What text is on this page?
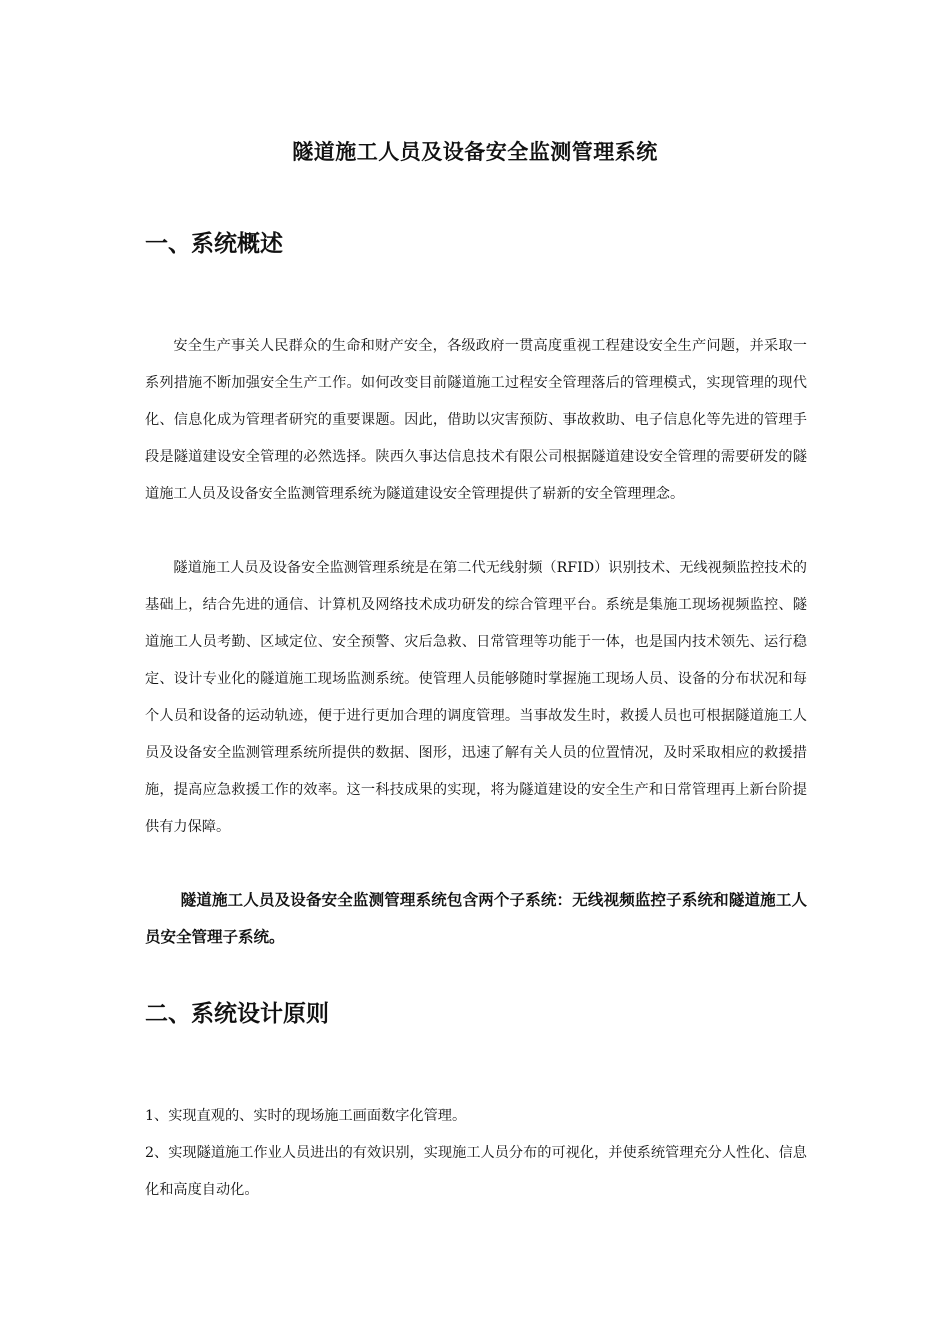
隧道施工人员及设备安全监测管理系统
一、系统概述

安全生产事关人民群众的生命和财产安全，各级政府一贯高度重视工程建设安全生产问题，并采取一系列措施不断加强安全生产工作。如何改变目前隧道施工过程安全管理落后的管理模式，实现管理的现代化、信息化成为管理者研究的重要课题。因此，借助以灾害预防、事故救助、电子信息化等先进的管理手段是隧道建设安全管理的必然选择。陕西久事达信息技术有限公司根据隧道建设安全管理的需要研发的隧道施工人员及设备安全监测管理系统为隧道建设安全管理提供了崭新的安全管理理念。

隧道施工人员及设备安全监测管理系统是在第二代无线射频（RFID）识别技术、无线视频监控技术的基础上，结合先进的通信、计算机及网络技术成功研发的综合管理平台。系统是集施工现场视频监控、隧道施工人员考勤、区域定位、安全预警、灾后急救、日常管理等功能于一体，也是国内技术领先、运行稳定、设计专业化的隧道施工现场监测系统。使管理人员能够随时掌握施工现场人员、设备的分布状况和每个人员和设备的运动轨迹，便于进行更加合理的调度管理。当事故发生时，救援人员也可根据隧道施工人员及设备安全监测管理系统所提供的数据、图形，迅速了解有关人员的位置情况，及时采取相应的救援措施，提高应急救援工作的效率。这一科技成果的实现，将为隧道建设的安全生产和日常管理再上新台阶提供有力保障。

隧道施工人员及设备安全监测管理系统包含两个子系统：无线视频监控子系统和隧道施工人员安全管理子系统。

二、系统设计原则

1、实现直观的、实时的现场施工画面数字化管理。

2、实现隧道施工作业人员进出的有效识别，实现施工人员分布的可视化，并使系统管理充分人性化、信息化和高度自动化。
